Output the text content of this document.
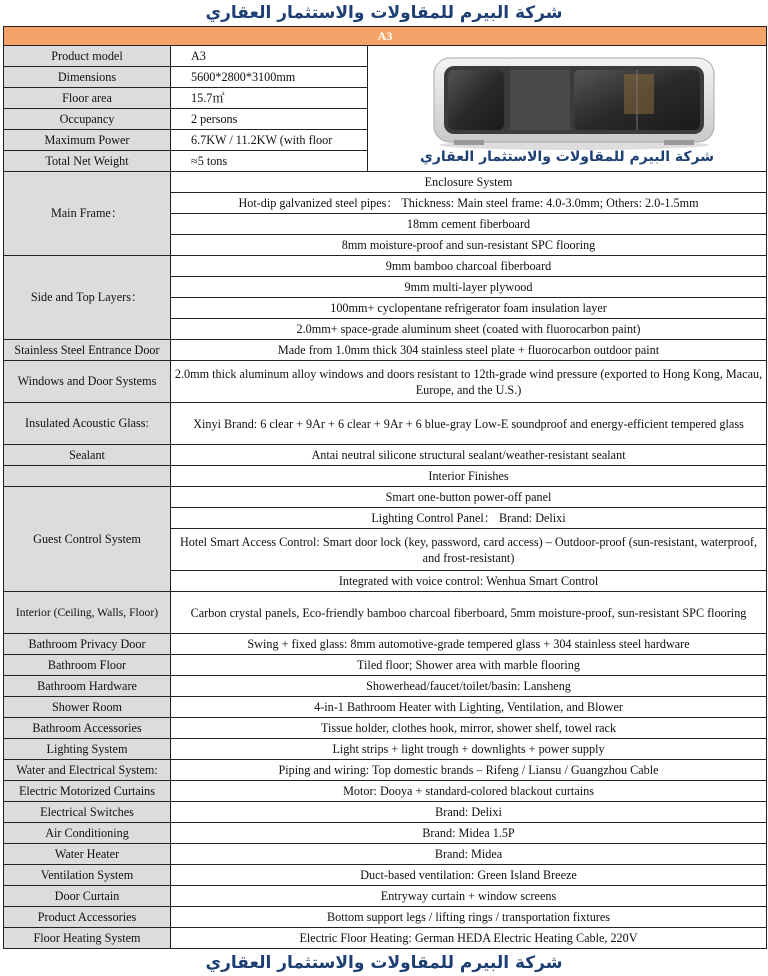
شركة البيرم للمقاولات والاستثمار العقاري
A3		
Product model	A3	شركة البيرم للمقاولات والاستثمار العقاري

Dimensions	5600*2800*3100mm	
Floor area	15.7㎡	
Occupancy	2 persons	
Maximum Power	6.7KW / 11.2KW (with floor	
Total Net Weight	≈5 tons	
Main Frame：	Enclosure System	
	Hot-dip galvanized steel pipes： Thickness: Main steel frame: 4.0-3.0mm; Others: 2.0-1.5mm	
	18mm cement fiberboard	
	8mm moisture-proof and sun-resistant SPC flooring	
Side and Top Layers：	9mm bamboo charcoal fiberboard	
	9mm multi-layer plywood	
	100mm+ cyclopentane refrigerator foam insulation layer	
	2.0mm+ space-grade aluminum sheet (coated with fluorocarbon paint)	
Stainless Steel Entrance Door	Made from 1.0mm thick 304 stainless steel plate + fluorocarbon outdoor paint	
Windows and Door Systems	2.0mm thick aluminum alloy windows and doors resistant to 12th-grade wind pressure (exported to Hong Kong, Macau, Europe, and the U.S.)	
Insulated Acoustic Glass:	Xinyi Brand: 6 clear + 9Ar + 6 clear + 9Ar + 6 blue-gray Low-E soundproof and energy-efficient tempered glass	
Sealant	Antai neutral silicone structural sealant/weather-resistant sealant	
	Interior Finishes	
Guest Control System	Smart one-button power-off panel	
	Lighting Control Panel： Brand: Delixi	
	Hotel Smart Access Control: Smart door lock (key, password, card access) – Outdoor-proof (sun-resistant, waterproof, and frost-resistant)	
	Integrated with voice control: Wenhua Smart Control	
Interior (Ceiling, Walls, Floor)	Carbon crystal panels, Eco-friendly bamboo charcoal fiberboard, 5mm moisture-proof, sun-resistant SPC flooring	
Bathroom Privacy Door	Swing + fixed glass: 8mm automotive-grade tempered glass + 304 stainless steel hardware	
Bathroom Floor	Tiled floor; Shower area with marble flooring	
Bathroom Hardware	Showerhead/faucet/toilet/basin: Lansheng	
Shower Room	4-in-1 Bathroom Heater with Lighting, Ventilation, and Blower	
Bathroom Accessories	Tissue holder, clothes hook, mirror, shower shelf, towel rack	
Lighting System	Light strips + light trough + downlights + power supply	
Water and Electrical System:	Piping and wiring: Top domestic brands – Rifeng / Liansu / Guangzhou Cable	
Electric Motorized Curtains	Motor: Dooya + standard-colored blackout curtains	
Electrical Switches	Brand: Delixi	
Air Conditioning	Brand: Midea 1.5P	
Water Heater	Brand: Midea	
Ventilation System	Duct-based ventilation: Green Island Breeze	
Door Curtain	Entryway curtain + window screens	
Product Accessories	Bottom support legs / lifting rings / transportation fixtures	
Floor Heating System	Electric Floor Heating: German HEDA Electric Heating Cable, 220V	
شركة البيرم للمقاولات والاستثمار العقاري
